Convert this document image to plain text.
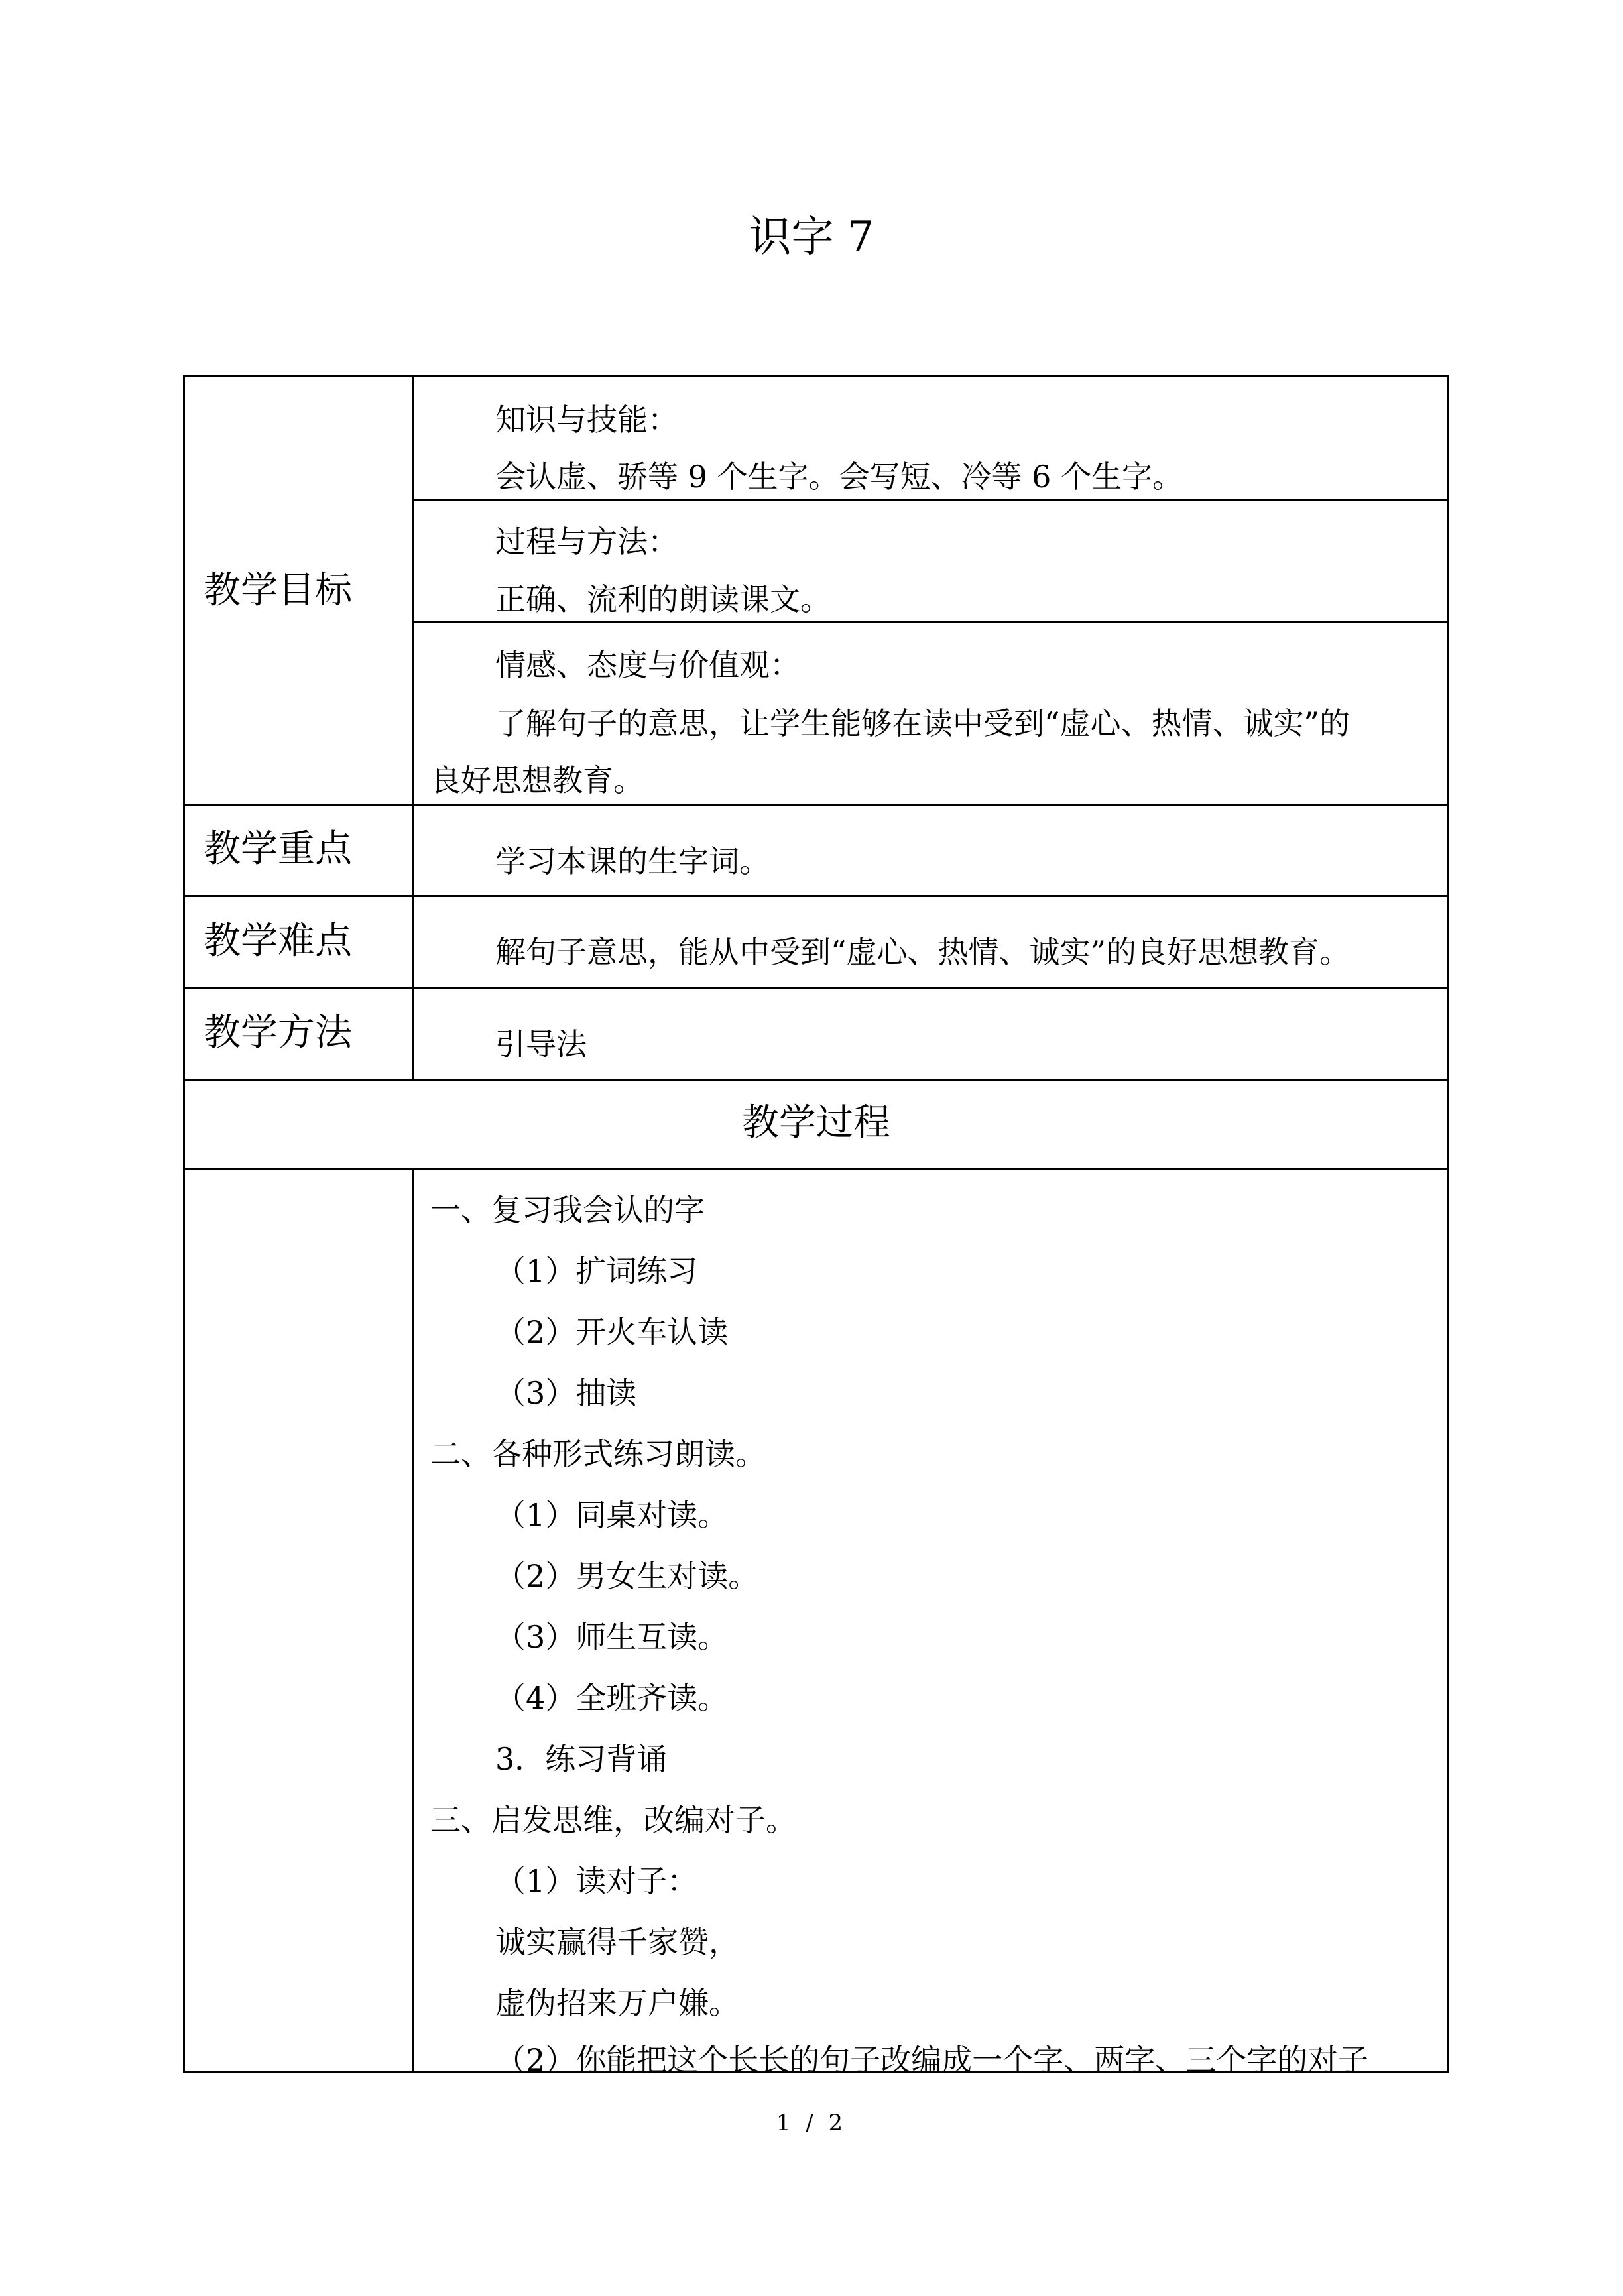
识字 7
教学目标
教学重点
教学难点
教学方法
知识与技能：
会认虚、骄等 9 个生字。会写短、冷等 6 个生字。
过程与方法：
正确、流利的朗读课文。
情感、态度与价值观：
了解句子的意思，让学生能够在读中受到“虚心、热情、诚实”的
良好思想教育。
学习本课的生字词。
解句子意思，能从中受到“虚心、热情、诚实”的良好思想教育。
引导法
教学过程
一、复习我会认的字
（1）扩词练习
（2）开火车认读
（3）抽读
二、各种形式练习朗读。
（1）同桌对读。
（2）男女生对读。
（3）师生互读。
（4）全班齐读。
3．练习背诵
三、启发思维，改编对子。
（1）读对子：
诚实赢得千家赞，
虚伪招来万户嫌。
（2）你能把这个长长的句子改编成一个字、两字、三个字的对子
1 / 2
